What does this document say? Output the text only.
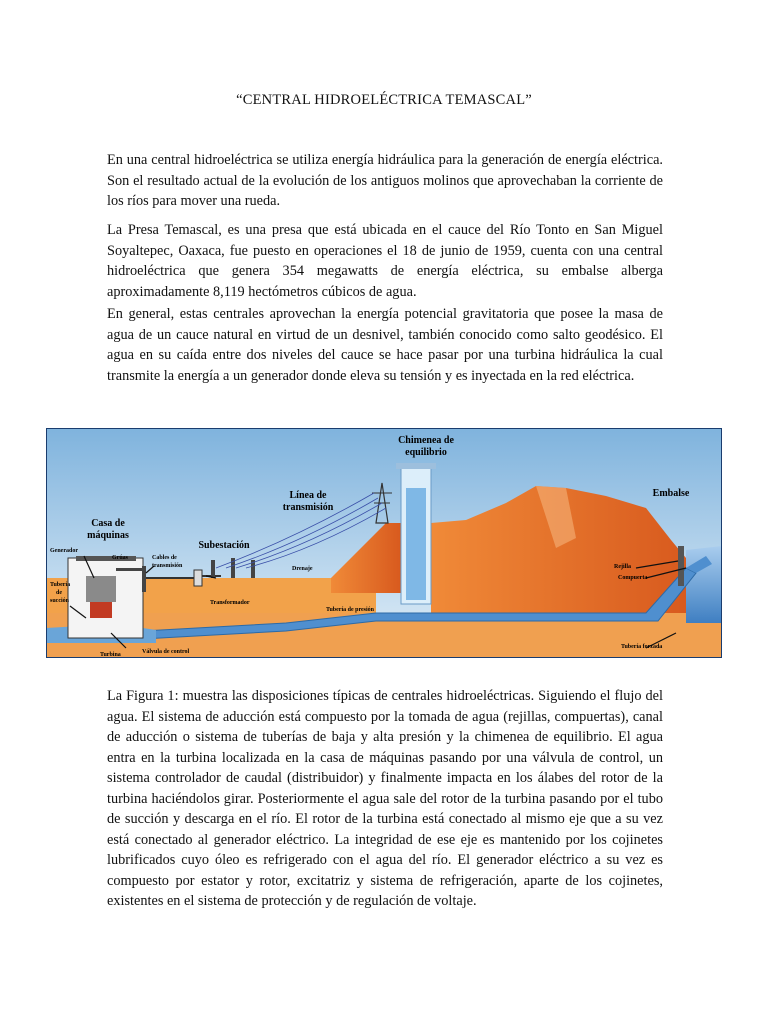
“CENTRAL HIDROELÉCTRICA TEMASCAL”

En una central hidroeléctrica se utiliza energía hidráulica para la generación de energía eléctrica. Son el resultado actual de la evolución de los antiguos molinos que aprovechaban la corriente de los ríos para mover una rueda.

La Presa Temascal, es una presa que está ubicada en el cauce del Río Tonto en San Miguel Soyaltepec, Oaxaca, fue puesto en operaciones el 18 de junio de 1959, cuenta con una central hidroeléctrica que genera 354 megawatts de energía eléctrica, su embalse alberga aproximadamente 8,119 hectómetros cúbicos de agua.

En general, estas centrales aprovechan la energía potencial gravitatoria que posee la masa de agua de un cauce natural en virtud de un desnivel, también conocido como salto geodésico. El agua en su caída entre dos niveles del cauce se hace pasar por una turbina hidráulica la cual transmite la energía a un generador donde eleva su tensión y es inyectada en la red eléctrica.

Chimenea de
equilibrio
Línea de
transmisión
Embalse
Casa de
máquinas
Subestación
Generador
Grúas	Cables de
transmisión	Drenaje	Rejilla
Compuerta
Tubería
de
succión	Transformador
Tubería de presión
Tubería forzada
Turbina	Válvula de control

La Figura 1: muestra las disposiciones típicas de centrales hidroeléctricas. Siguiendo el flujo del agua. El sistema de aducción está compuesto por la tomada de agua (rejillas, compuertas), canal de aducción o sistema de tuberías de baja y alta presión y la chimenea de equilibrio. El agua entra en la turbina localizada en la casa de máquinas pasando por una válvula de control, un sistema controlador de caudal (distribuidor) y finalmente impacta en los álabes del rotor de la turbina haciéndolos girar. Posteriormente el agua sale del rotor de la turbina pasando por el tubo de succión y descarga en el río. El rotor de la turbina está conectado al mismo eje que a su vez está conectado al generador eléctrico. La integridad de ese eje es mantenido por los cojinetes lubrificados cuyo óleo es refrigerado con el agua del río. El generador eléctrico a su vez es compuesto por estator y rotor, excitatriz y sistema de refrigeración, aparte de los cojinetes, existentes en el sistema de protección y de regulación de voltaje.
